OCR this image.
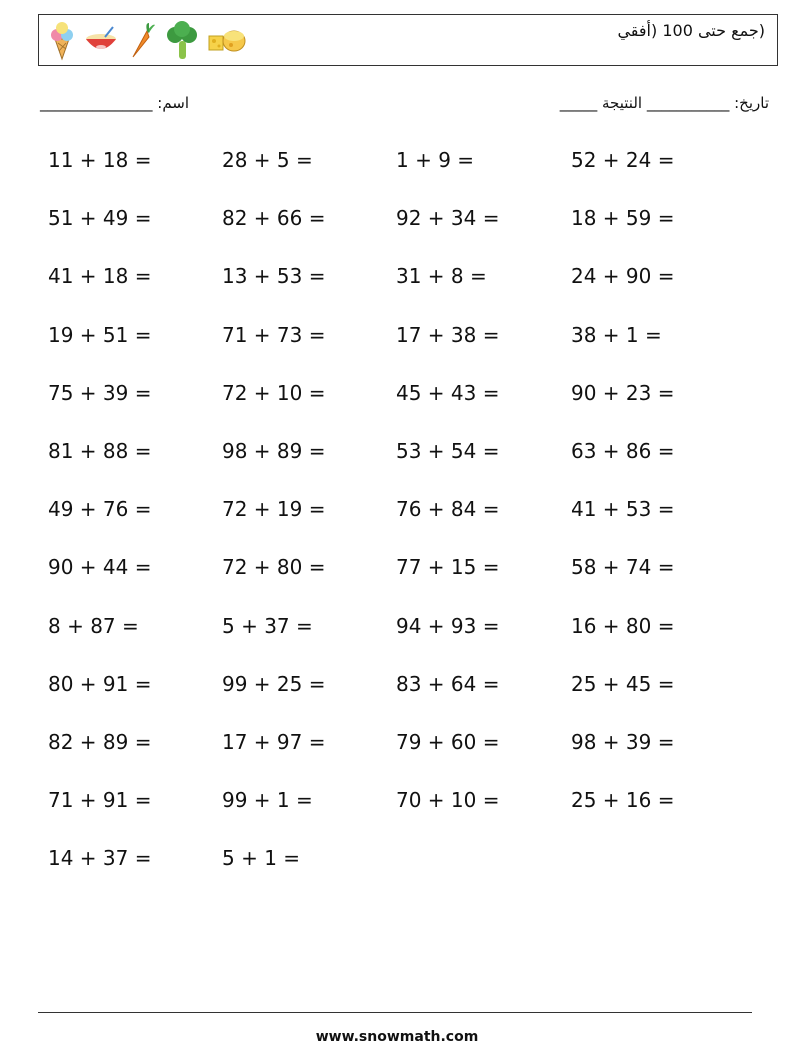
(جمع حتى 100 (أفقي
اسم: _______________	تاريخ: ___________ النتيجة _____
11 + 18 =	28 + 5 =	1 + 9 =	52 + 24 =
51 + 49 =	82 + 66 =	92 + 34 =	18 + 59 =
41 + 18 =	13 + 53 =	31 + 8 =	24 + 90 =
19 + 51 =	71 + 73 =	17 + 38 =	38 + 1 =
75 + 39 =	72 + 10 =	45 + 43 =	90 + 23 =
81 + 88 =	98 + 89 =	53 + 54 =	63 + 86 =
49 + 76 =	72 + 19 =	76 + 84 =	41 + 53 =
90 + 44 =	72 + 80 =	77 + 15 =	58 + 74 =
8 + 87 =	5 + 37 =	94 + 93 =	16 + 80 =
80 + 91 =	99 + 25 =	83 + 64 =	25 + 45 =
82 + 89 =	17 + 97 =	79 + 60 =	98 + 39 =
71 + 91 =	99 + 1 =	70 + 10 =	25 + 16 =
14 + 37 =	5 + 1 =
www.snowmath.com
